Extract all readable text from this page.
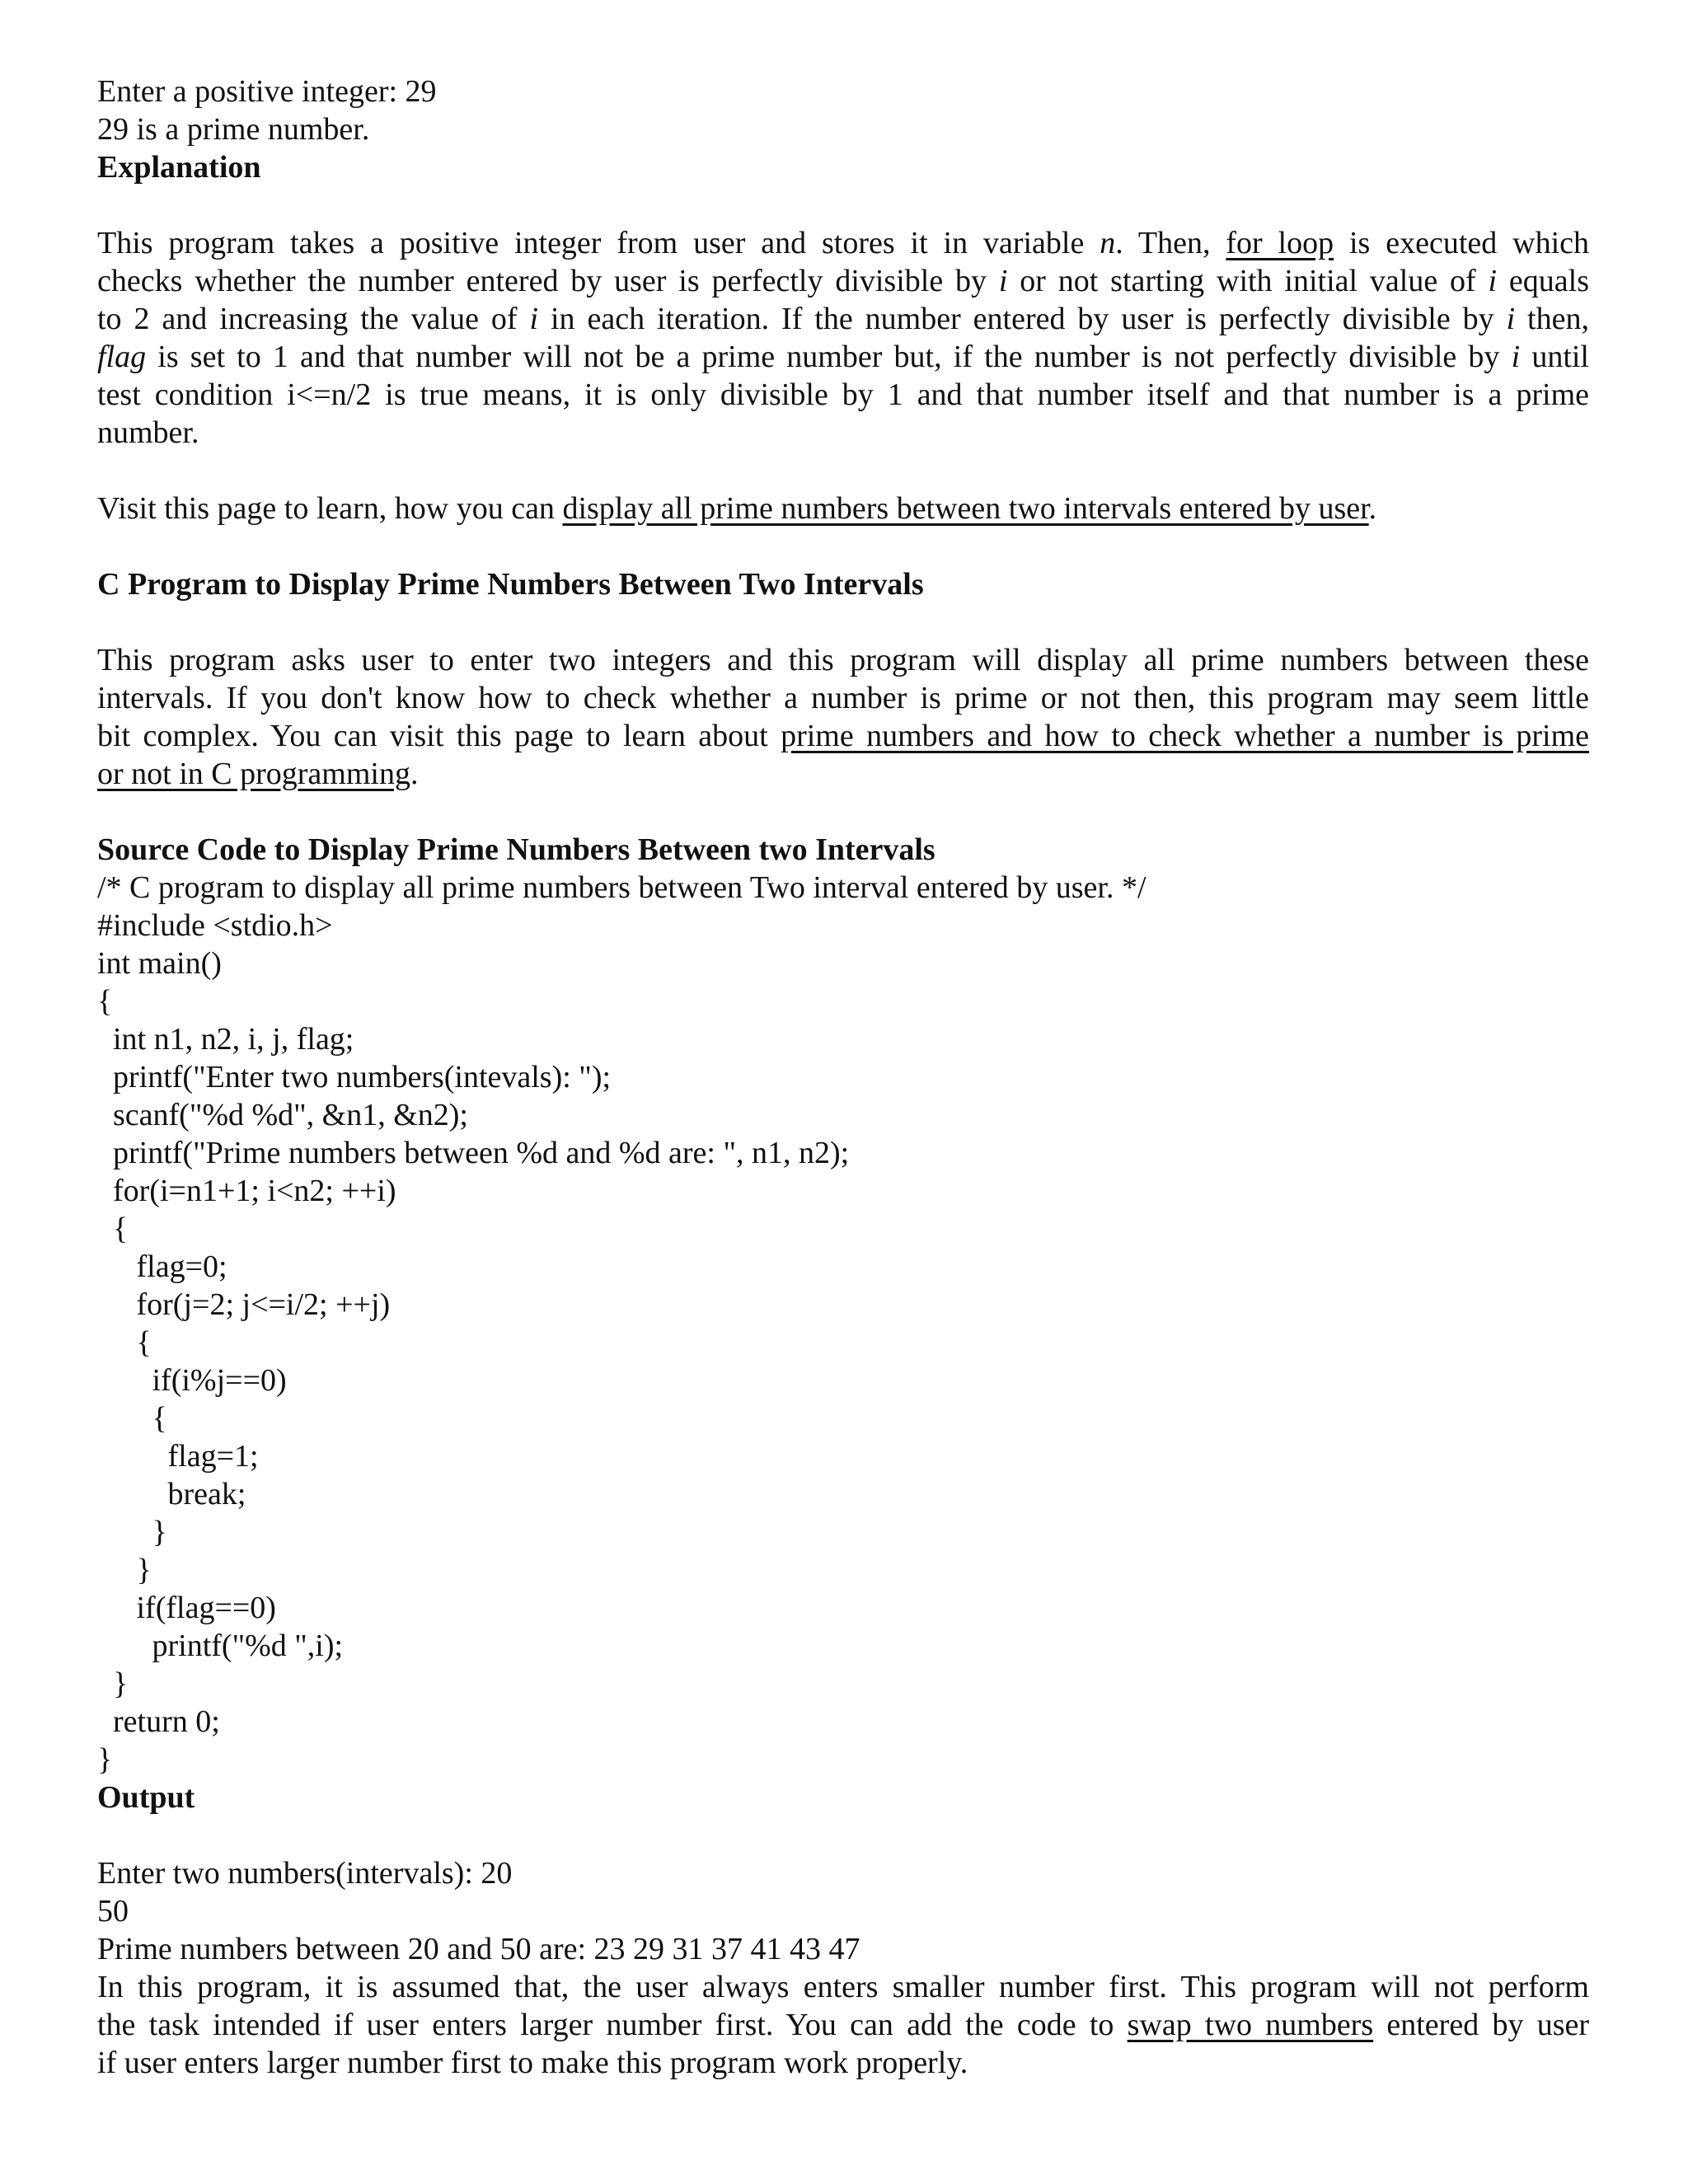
Enter a positive integer: 29
29 is a prime number.
Explanation
This program takes a positive integer from user and stores it in variable n. Then, for loop is executed which
checks whether the number entered by user is perfectly divisible by i or not starting with initial value of i equals
to 2 and increasing the value of i in each iteration. If the number entered by user is perfectly divisible by i then,
flag is set to 1 and that number will not be a prime number but, if the number is not perfectly divisible by i until
test condition i<=n/2 is true means, it is only divisible by 1 and that number itself and that number is a prime
number.
Visit this page to learn, how you can display all prime numbers between two intervals entered by user.
C Program to Display Prime Numbers Between Two Intervals
This program asks user to enter two integers and this program will display all prime numbers between these
intervals. If you don't know how to check whether a number is prime or not then, this program may seem little
bit complex. You can visit this page to learn about prime numbers and how to check whether a number is prime
or not in C programming.
Source Code to Display Prime Numbers Between two Intervals
/* C program to display all prime numbers between Two interval entered by user. */
#include <stdio.h>
int main()
{
int n1, n2, i, j, flag;
printf("Enter two numbers(intevals): ");
scanf("%d %d", &n1, &n2);
printf("Prime numbers between %d and %d are: ", n1, n2);
for(i=n1+1; i<n2; ++i)
{
flag=0;
for(j=2; j<=i/2; ++j)
{
if(i%j==0)
{
flag=1;
break;
}
}
if(flag==0)
printf("%d ",i);
}
return 0;
}
Output
Enter two numbers(intervals): 20
50
Prime numbers between 20 and 50 are: 23 29 31 37 41 43 47
In this program, it is assumed that, the user always enters smaller number first. This program will not perform
the task intended if user enters larger number first. You can add the code to swap two numbers entered by user
if user enters larger number first to make this program work properly.
